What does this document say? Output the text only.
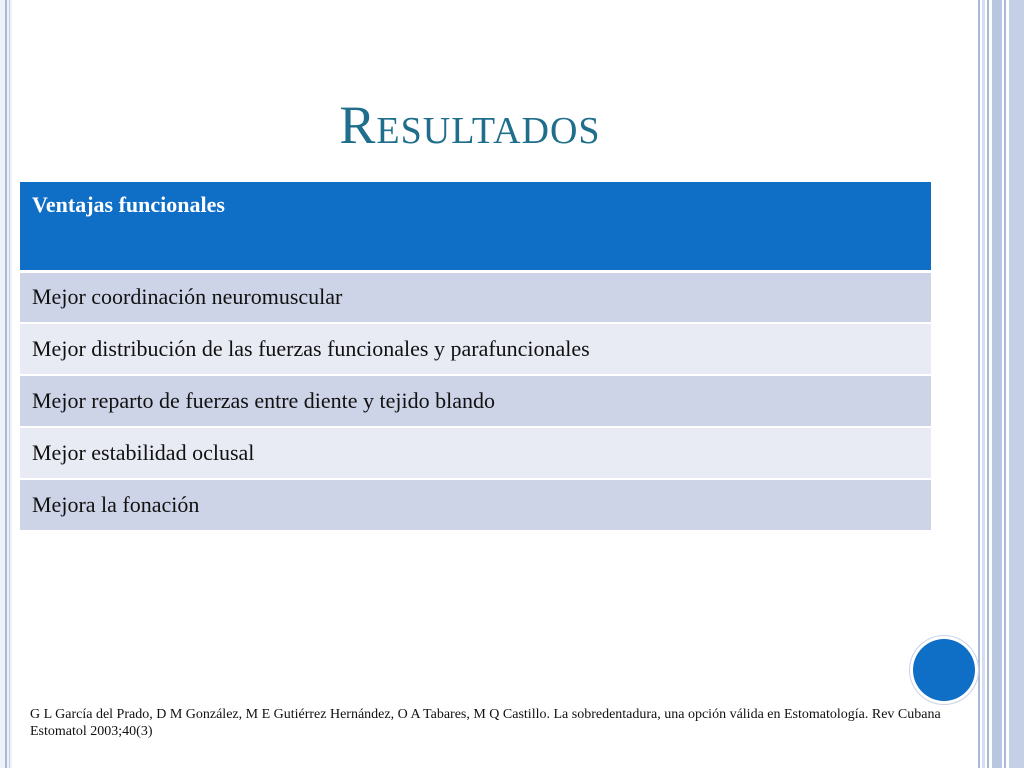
Resultados
Ventajas funcionales
Mejor coordinación neuromuscular
Mejor distribución de las fuerzas funcionales y parafuncionales
Mejor reparto de fuerzas entre diente y tejido blando
Mejor estabilidad oclusal
Mejora la fonación
G L García del Prado, D M González, M E Gutiérrez Hernández, O A Tabares, M Q Castillo. La sobredentadura, una opción válida en Estomatología. Rev Cubana Estomatol 2003;40(3)
